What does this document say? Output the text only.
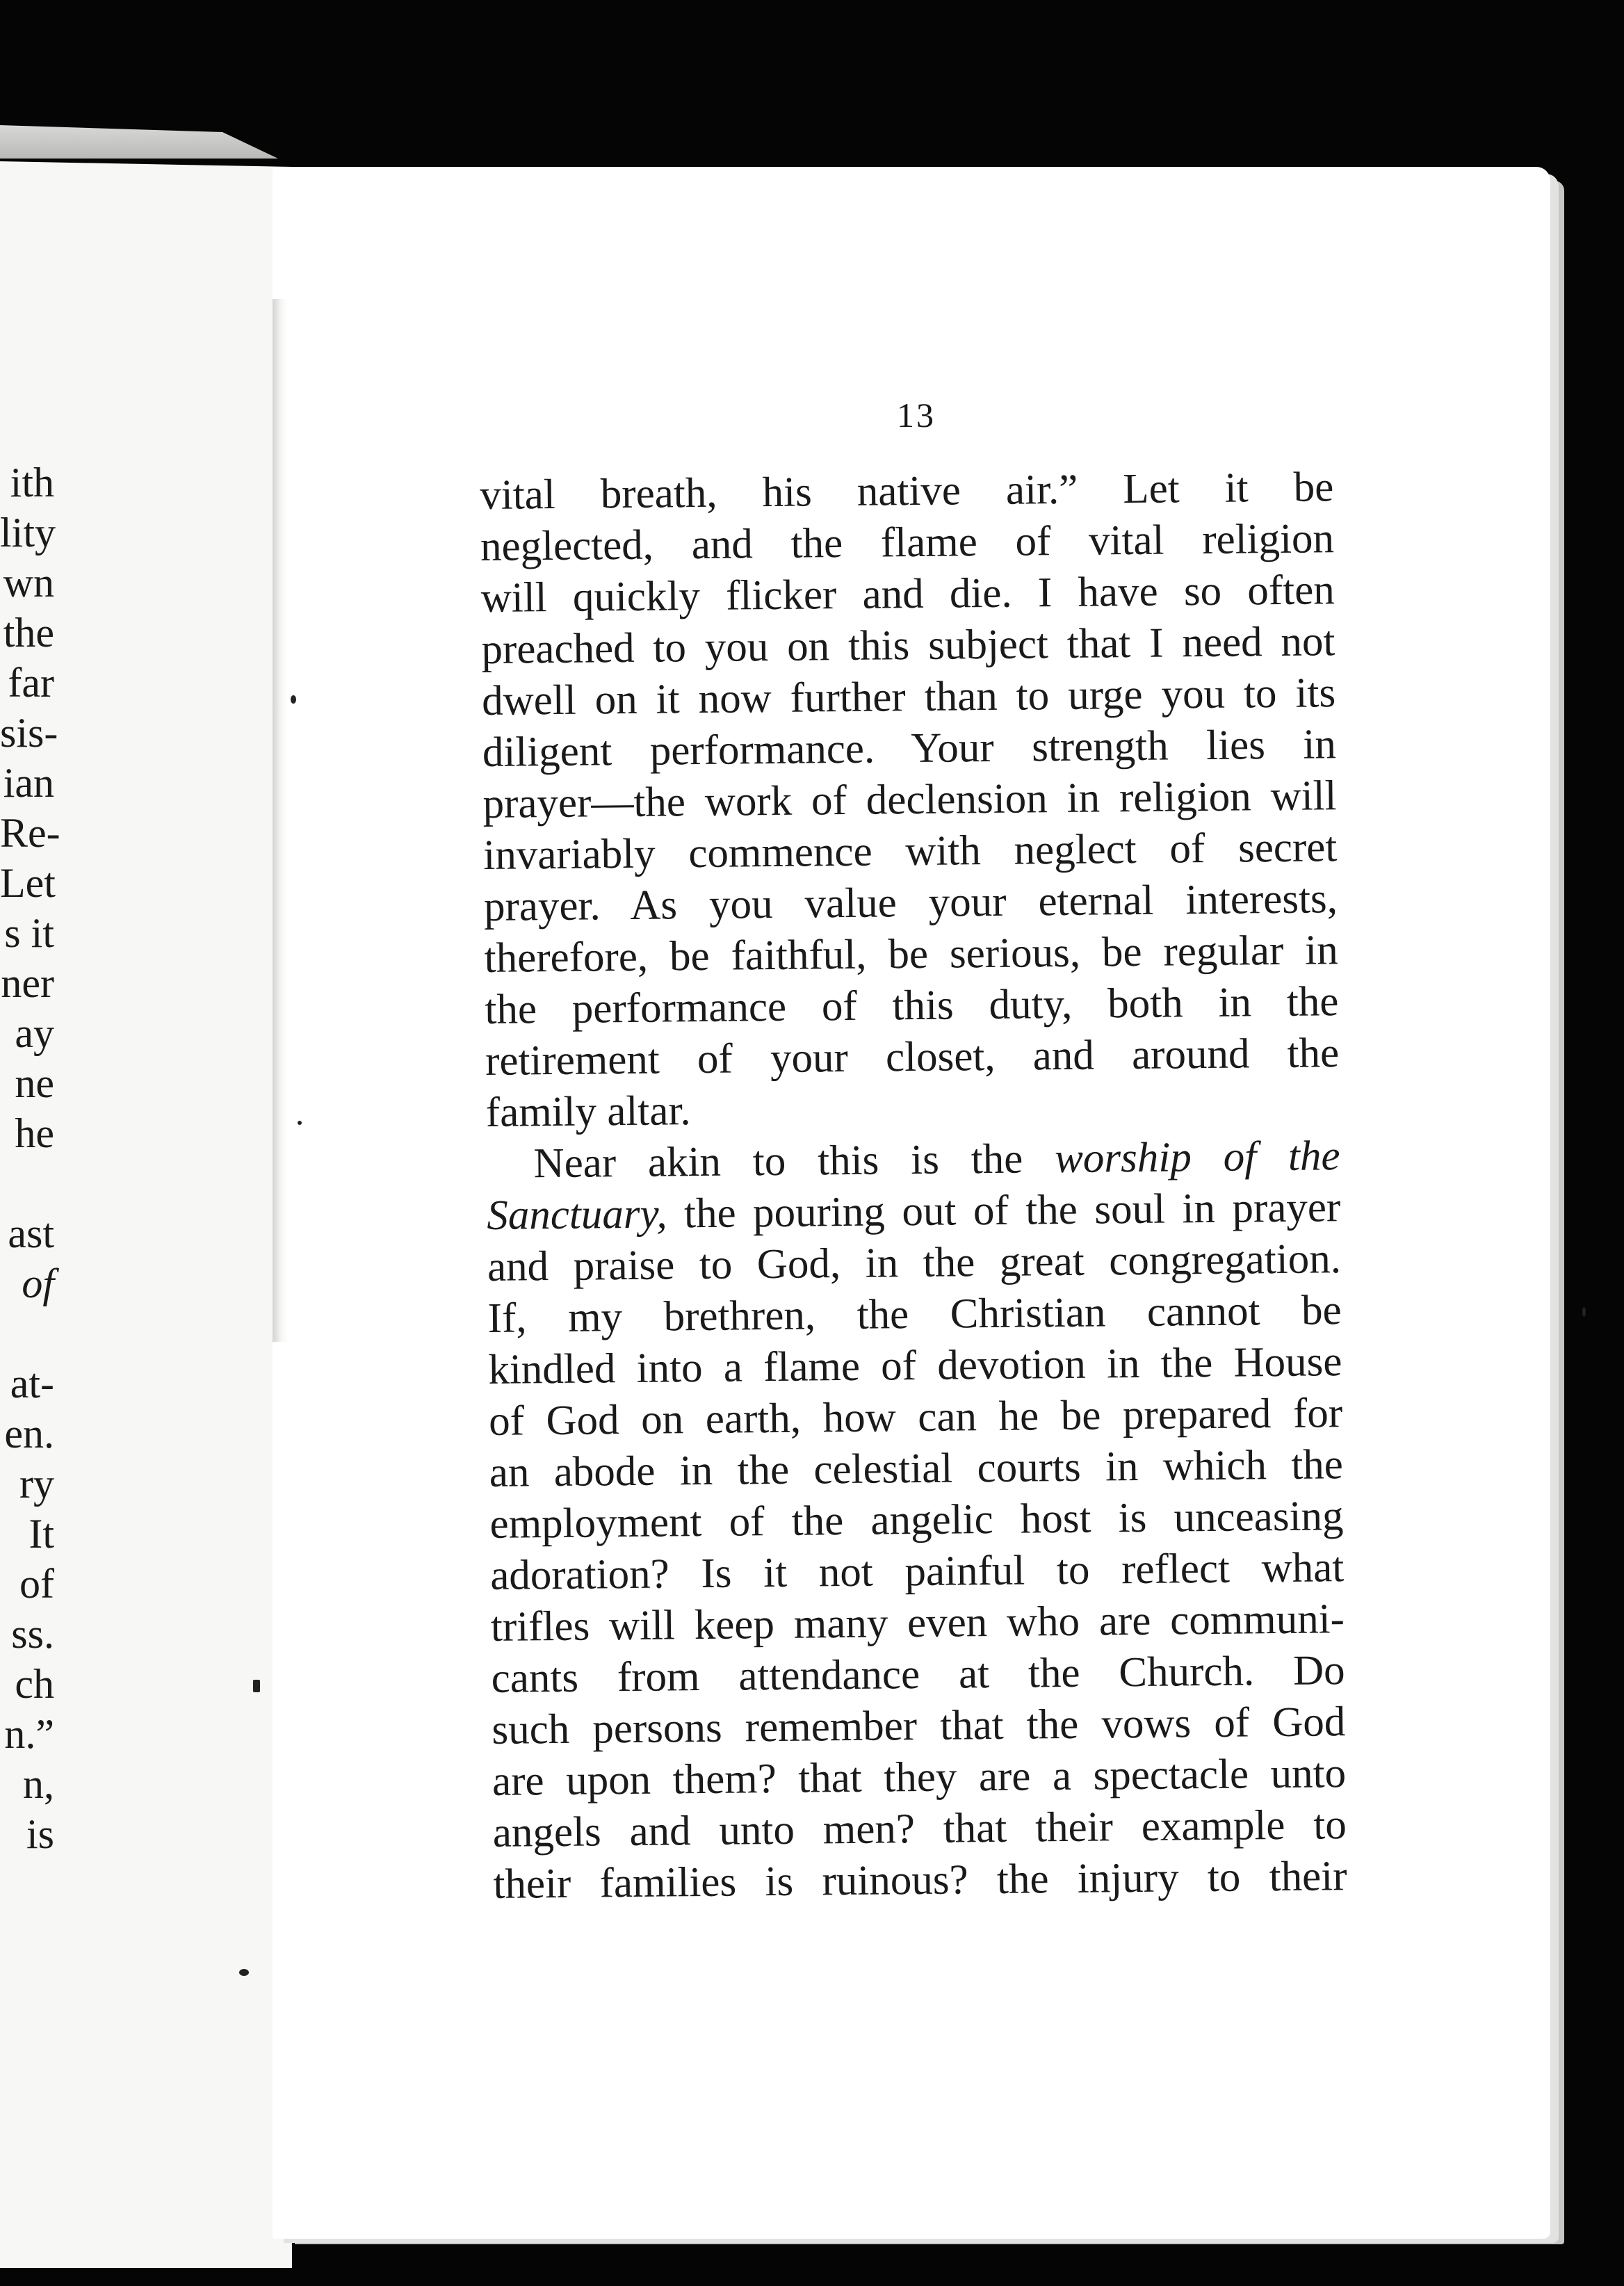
ith
lity
wn
the
far
sis-
ian
Re-
Let
s it
ner
ay
ne
he
ast
of
at-
en.
ry
It
of
ss.
ch
n.”
n,
is
13
vital breath, his native air.” Let it be
neglected, and the flame of vital religion
will quickly flicker and die. I have so often
preached to you on this subject that I need not
dwell on it now further than to urge you to its
diligent performance. Your strength lies in
prayer—the work of declension in religion will
invariably commence with neglect of secret
prayer. As you value your eternal interests,
therefore, be faithful, be serious, be regular in
the performance of this duty, both in the
retirement of your closet, and around the
family altar.
Near akin to this is the worship of the
Sanctuary, the pouring out of the soul in prayer
and praise to God, in the great congregation.
If, my brethren, the Christian cannot be
kindled into a flame of devotion in the House
of God on earth, how can he be prepared for
an abode in the celestial courts in which the
employment of the angelic host is unceasing
adoration? Is it not painful to reflect what
trifles will keep many even who are communi-
cants from attendance at the Church. Do
such persons remember that the vows of God
are upon them? that they are a spectacle unto
angels and unto men? that their example to
their families is ruinous? the injury to their
